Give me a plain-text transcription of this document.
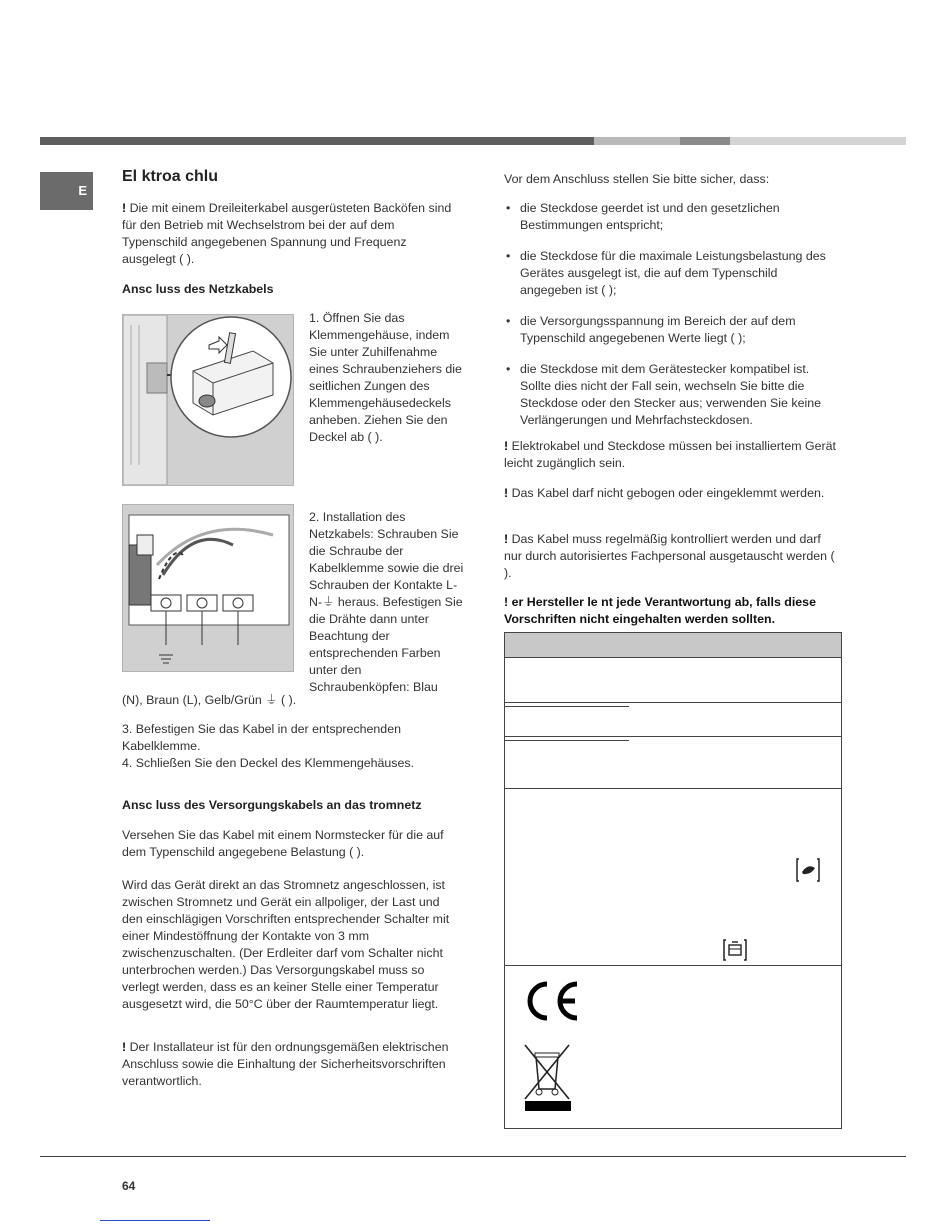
E
El ktroa chlu

! Die mit einem Dreileiterkabel ausgerüsteten Backöfen sind für den Betrieb mit Wechselstrom bei der auf dem Typenschild angegebenen Spannung und Frequenz ausgelegt ( ).

Ansc luss des Netzkabels

1. Öffnen Sie das Klemmengehäuse, indem Sie unter Zuhilfenahme eines Schraubenziehers die seitlichen Zungen des Klemmengehäusedeckels anheben. Ziehen Sie den Deckel ab ( ).

2. Installation des Netzkabels: Schrauben Sie die Schraube der Kabelklemme sowie die drei Schrauben der Kontakte L-N-⏚ heraus. Befestigen Sie die Drähte dann unter Beachtung der entsprechenden Farben unter den Schraubenköpfen: Blau

(N), Braun (L), Gelb/Grün ⏚ ( ).

3. Befestigen Sie das Kabel in der entsprechenden Kabelklemme.

4. Schließen Sie den Deckel des Klemmengehäuses.

Ansc luss des Versorgungskabels an das tromnetz

Versehen Sie das Kabel mit einem Normstecker für die auf dem Typenschild angegebene Belastung ( ).

Wird das Gerät direkt an das Stromnetz angeschlossen, ist zwischen Stromnetz und Gerät ein allpoliger, der Last und den einschlägigen Vorschriften entsprechender Schalter mit einer Mindestöffnung der Kontakte von 3 mm zwischenzuschalten. (Der Erdleiter darf vom Schalter nicht unterbrochen werden.) Das Versorgungskabel muss so verlegt werden, dass es an keiner Stelle einer Temperatur ausgesetzt wird, die 50°C über der Raumtemperatur liegt.

! Der Installateur ist für den ordnungsgemäßen elektrischen Anschluss sowie die Einhaltung der Sicherheitsvorschriften verantwortlich.

Vor dem Anschluss stellen Sie bitte sicher, dass:

• die Steckdose geerdet ist und den gesetzlichen Bestimmungen entspricht;
• die Steckdose für die maximale Leistungsbelastung des Gerätes ausgelegt ist, die auf dem Typenschild angegeben ist ( );
• die Versorgungsspannung im Bereich der auf dem Typenschild angegebenen Werte liegt ( );
• die Steckdose mit dem Gerätestecker kompatibel ist. Sollte dies nicht der Fall sein, wechseln Sie bitte die Steckdose oder den Stecker aus; verwenden Sie keine Verlängerungen und Mehrfachsteckdosen.

! Elektrokabel und Steckdose müssen bei installiertem Gerät leicht zugänglich sein.

! Das Kabel darf nicht gebogen oder eingeklemmt werden.

! Das Kabel muss regelmäßig kontrolliert werden und darf nur durch autorisiertes Fachpersonal ausgetauscht werden ( ).

! er Hersteller le nt jede Verantwortung ab, falls diese Vorschriften nicht eingehalten werden sollten.

64
